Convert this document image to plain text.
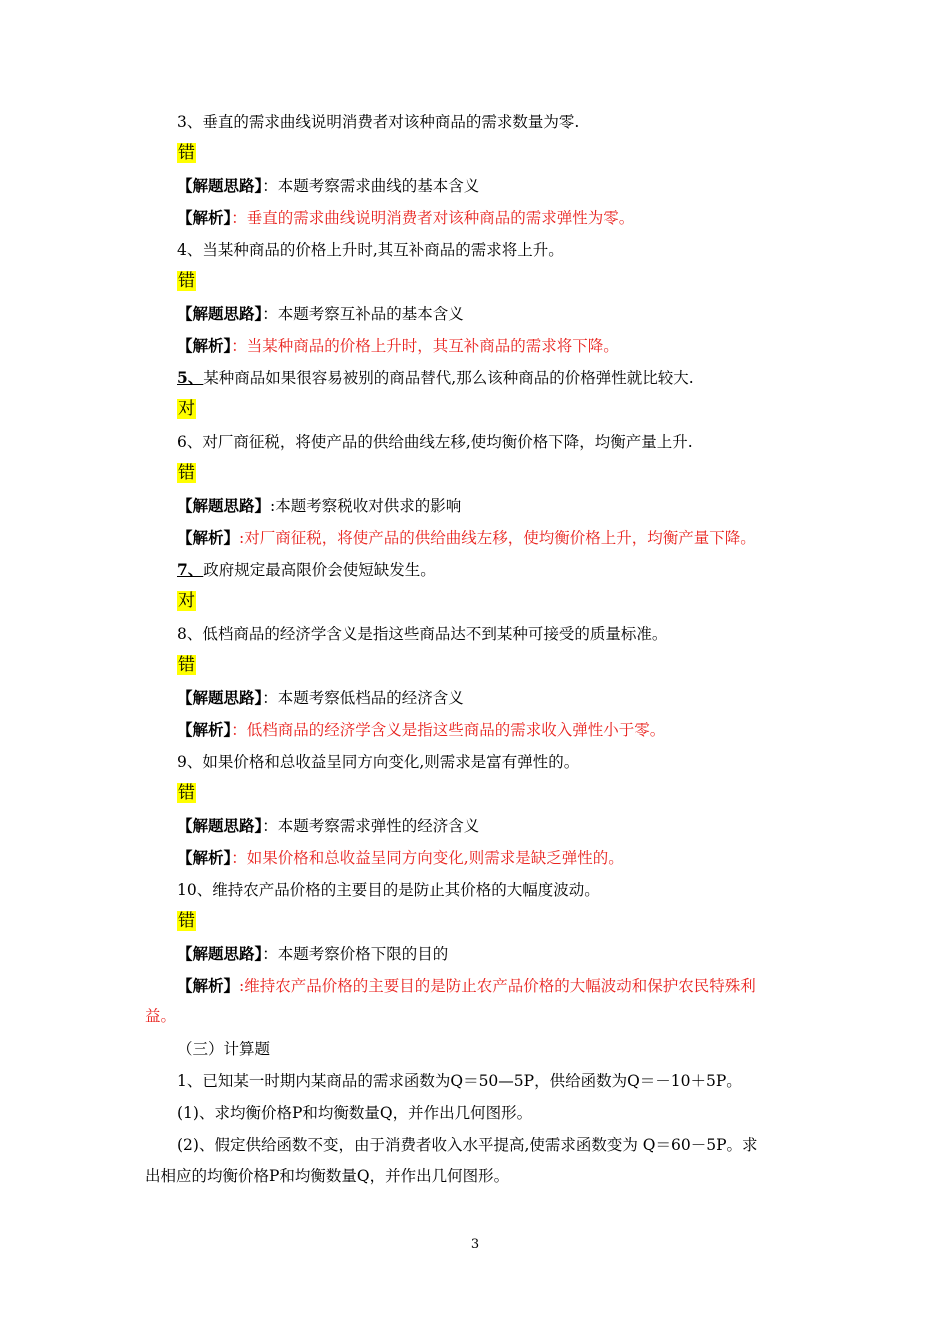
3、垂直的需求曲线说明消费者对该种商品的需求数量为零.
错
【解题思路】：本题考察需求曲线的基本含义
【解析】：垂直的需求曲线说明消费者对该种商品的需求弹性为零。
4、当某种商品的价格上升时,其互补商品的需求将上升。
错
【解题思路】：本题考察互补品的基本含义
【解析】：当某种商品的价格上升时，其互补商品的需求将下降。
5、某种商品如果很容易被别的商品替代,那么该种商品的价格弹性就比较大.
对
6、对厂商征税，将使产品的供给曲线左移,使均衡价格下降，均衡产量上升.
错
【解题思路】:本题考察税收对供求的影响
【解析】:对厂商征税，将使产品的供给曲线左移，使均衡价格上升，均衡产量下降。
7、政府规定最高限价会使短缺发生。
对
8、低档商品的经济学含义是指这些商品达不到某种可接受的质量标准。
错
【解题思路】：本题考察低档品的经济含义
【解析】：低档商品的经济学含义是指这些商品的需求收入弹性小于零。
9、如果价格和总收益呈同方向变化,则需求是富有弹性的。
错
【解题思路】：本题考察需求弹性的经济含义
【解析】：如果价格和总收益呈同方向变化,则需求是缺乏弹性的。
10、维持农产品价格的主要目的是防止其价格的大幅度波动。
错
【解题思路】：本题考察价格下限的目的
【解析】:维持农产品价格的主要目的是防止农产品价格的大幅波动和保护农民特殊利
益。
（三）计算题
1、已知某一时期内某商品的需求函数为Q＝50—5P，供给函数为Q＝－10＋5P。
(1)、求均衡价格P和均衡数量Q，并作出几何图形。
(2)、假定供给函数不变，由于消费者收入水平提高,使需求函数变为 Q＝60－5P。求
出相应的均衡价格P和均衡数量Q，并作出几何图形。
3
